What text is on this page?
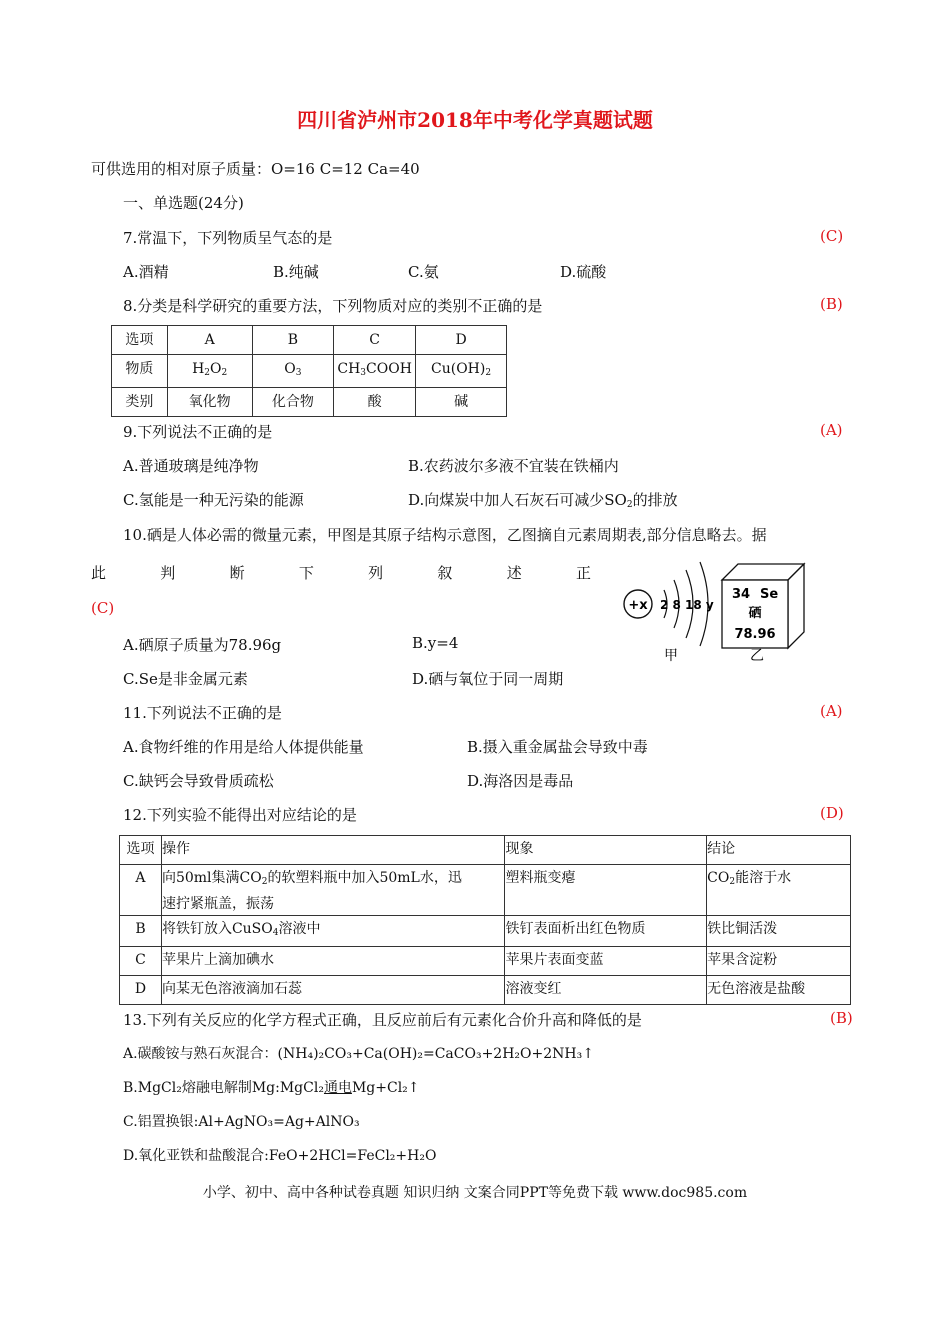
四川省泸州市2018年中考化学真题试题
可供选用的相对原子质量：O=16 C=12 Ca=40
一、单选题(24分)
7.常温下，下列物质呈气态的是	(C)
A.酒精	B.纯碱	C.氨	D.硫酸
8.分类是科学研究的重要方法，下列物质对应的类别不正确的是	(B)
选项	A	B	C	D
物质	$H_2O_2$	$O_3$	$CH_3COOH$	$Cu(OH)_2$
类别	氧化物	化合物	酸	碱
9.下列说法不正确的是	(A)
A.普通玻璃是纯净物	B.农药波尔多液不宜装在铁桶内
C.氢能是一种无污染的能源	D.向煤炭中加人石灰石可减少$SO_2$的排放
10.硒是人体必需的微量元素，甲图是其原子结构示意图，乙图摘自元素周期表,部分信息略去。据
此	判	断	下	列	叙	述	正
(C)
A.硒原子质量为78.96g	B.y=4
C.Se是非金属元素	D.硒与氧位于同一周期
+x 2 8 18 y
甲
34 Se
硒
78.96
乙
11.下列说法不正确的是	(A)
A.食物纤维的作用是给人体提供能量	B.摄入重金属盐会导致中毒
C.缺钙会导致骨质疏松	D.海洛因是毒品
12.下列实验不能得出对应结论的是	(D)
选项	操作	现象	结论
A	向50ml集满$CO_2$的软塑料瓶中加入50mL水，迅
速拧紧瓶盖，振荡	塑料瓶变瘪	$CO_2$能溶于水
B	将铁钉放入CuSO$_4$溶液中	铁钉表面析出红色物质	铁比铜活泼
C	苹果片上滴加碘水	苹果片表面变蓝	苹果含淀粉
D	向某无色溶液滴加石蕊	溶液变红	无色溶液是盐酸
13.下列有关反应的化学方程式正确，且反应前后有元素化合价升高和降低的是	(B)
A.碳酸铵与熟石灰混合：(NH₄)₂CO₃+Ca(OH)₂=CaCO₃+2H₂O+2NH₃↑
B.MgCl₂熔融电解制Mg:MgCl₂通电Mg+Cl₂↑
C.铝置换银:Al+AgNO₃=Ag+AlNO₃
D.氧化亚铁和盐酸混合:FeO+2HCl=FeCl₂+H₂O
小学、初中、高中各种试卷真题 知识归纳 文案合同PPT等免费下载 www.doc985.com
